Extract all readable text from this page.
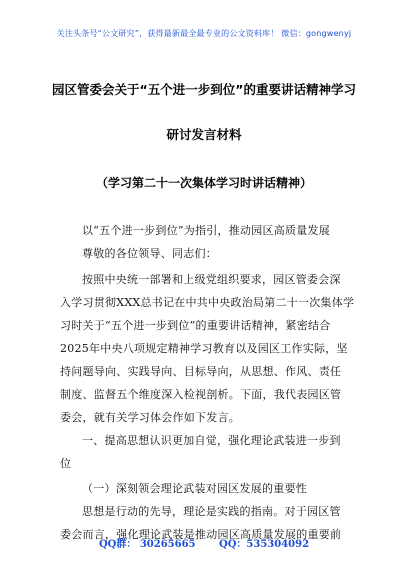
关注头条号“公文研究”，获得最新最全最专业的公文资料库！ 微信：gongwenyj
园区管委会关于“五个进一步到位”的重要讲话精神学习
研讨发言材料
（学习第二十一次集体学习时讲话精神）
以“五个进一步到位”为指引，推动园区高质量发展
尊敬的各位领导、同志们：
按照中央统一部署和上级党组织要求，园区管委会深
入学习贯彻XXX总书记在中共中央政治局第二十一次集体学
习时关于“五个进一步到位”的重要讲话精神，紧密结合
2025年中央八项规定精神学习教育以及园区工作实际，坚
持问题导向、实践导向、目标导向，从思想、作风、责任
制度、监督五个维度深入检视剖析。下面，我代表园区管
委会，就有关学习体会作如下发言。
一、提高思想认识更加自觉，强化理论武装进一步到
位
（一）深刻领会理论武装对园区发展的重要性
思想是行动的先导，理论是实践的指南。对于园区管
委会而言，强化理论武装是推动园区高质量发展的重要前
QQ群： 30265665 QQ：535304092
